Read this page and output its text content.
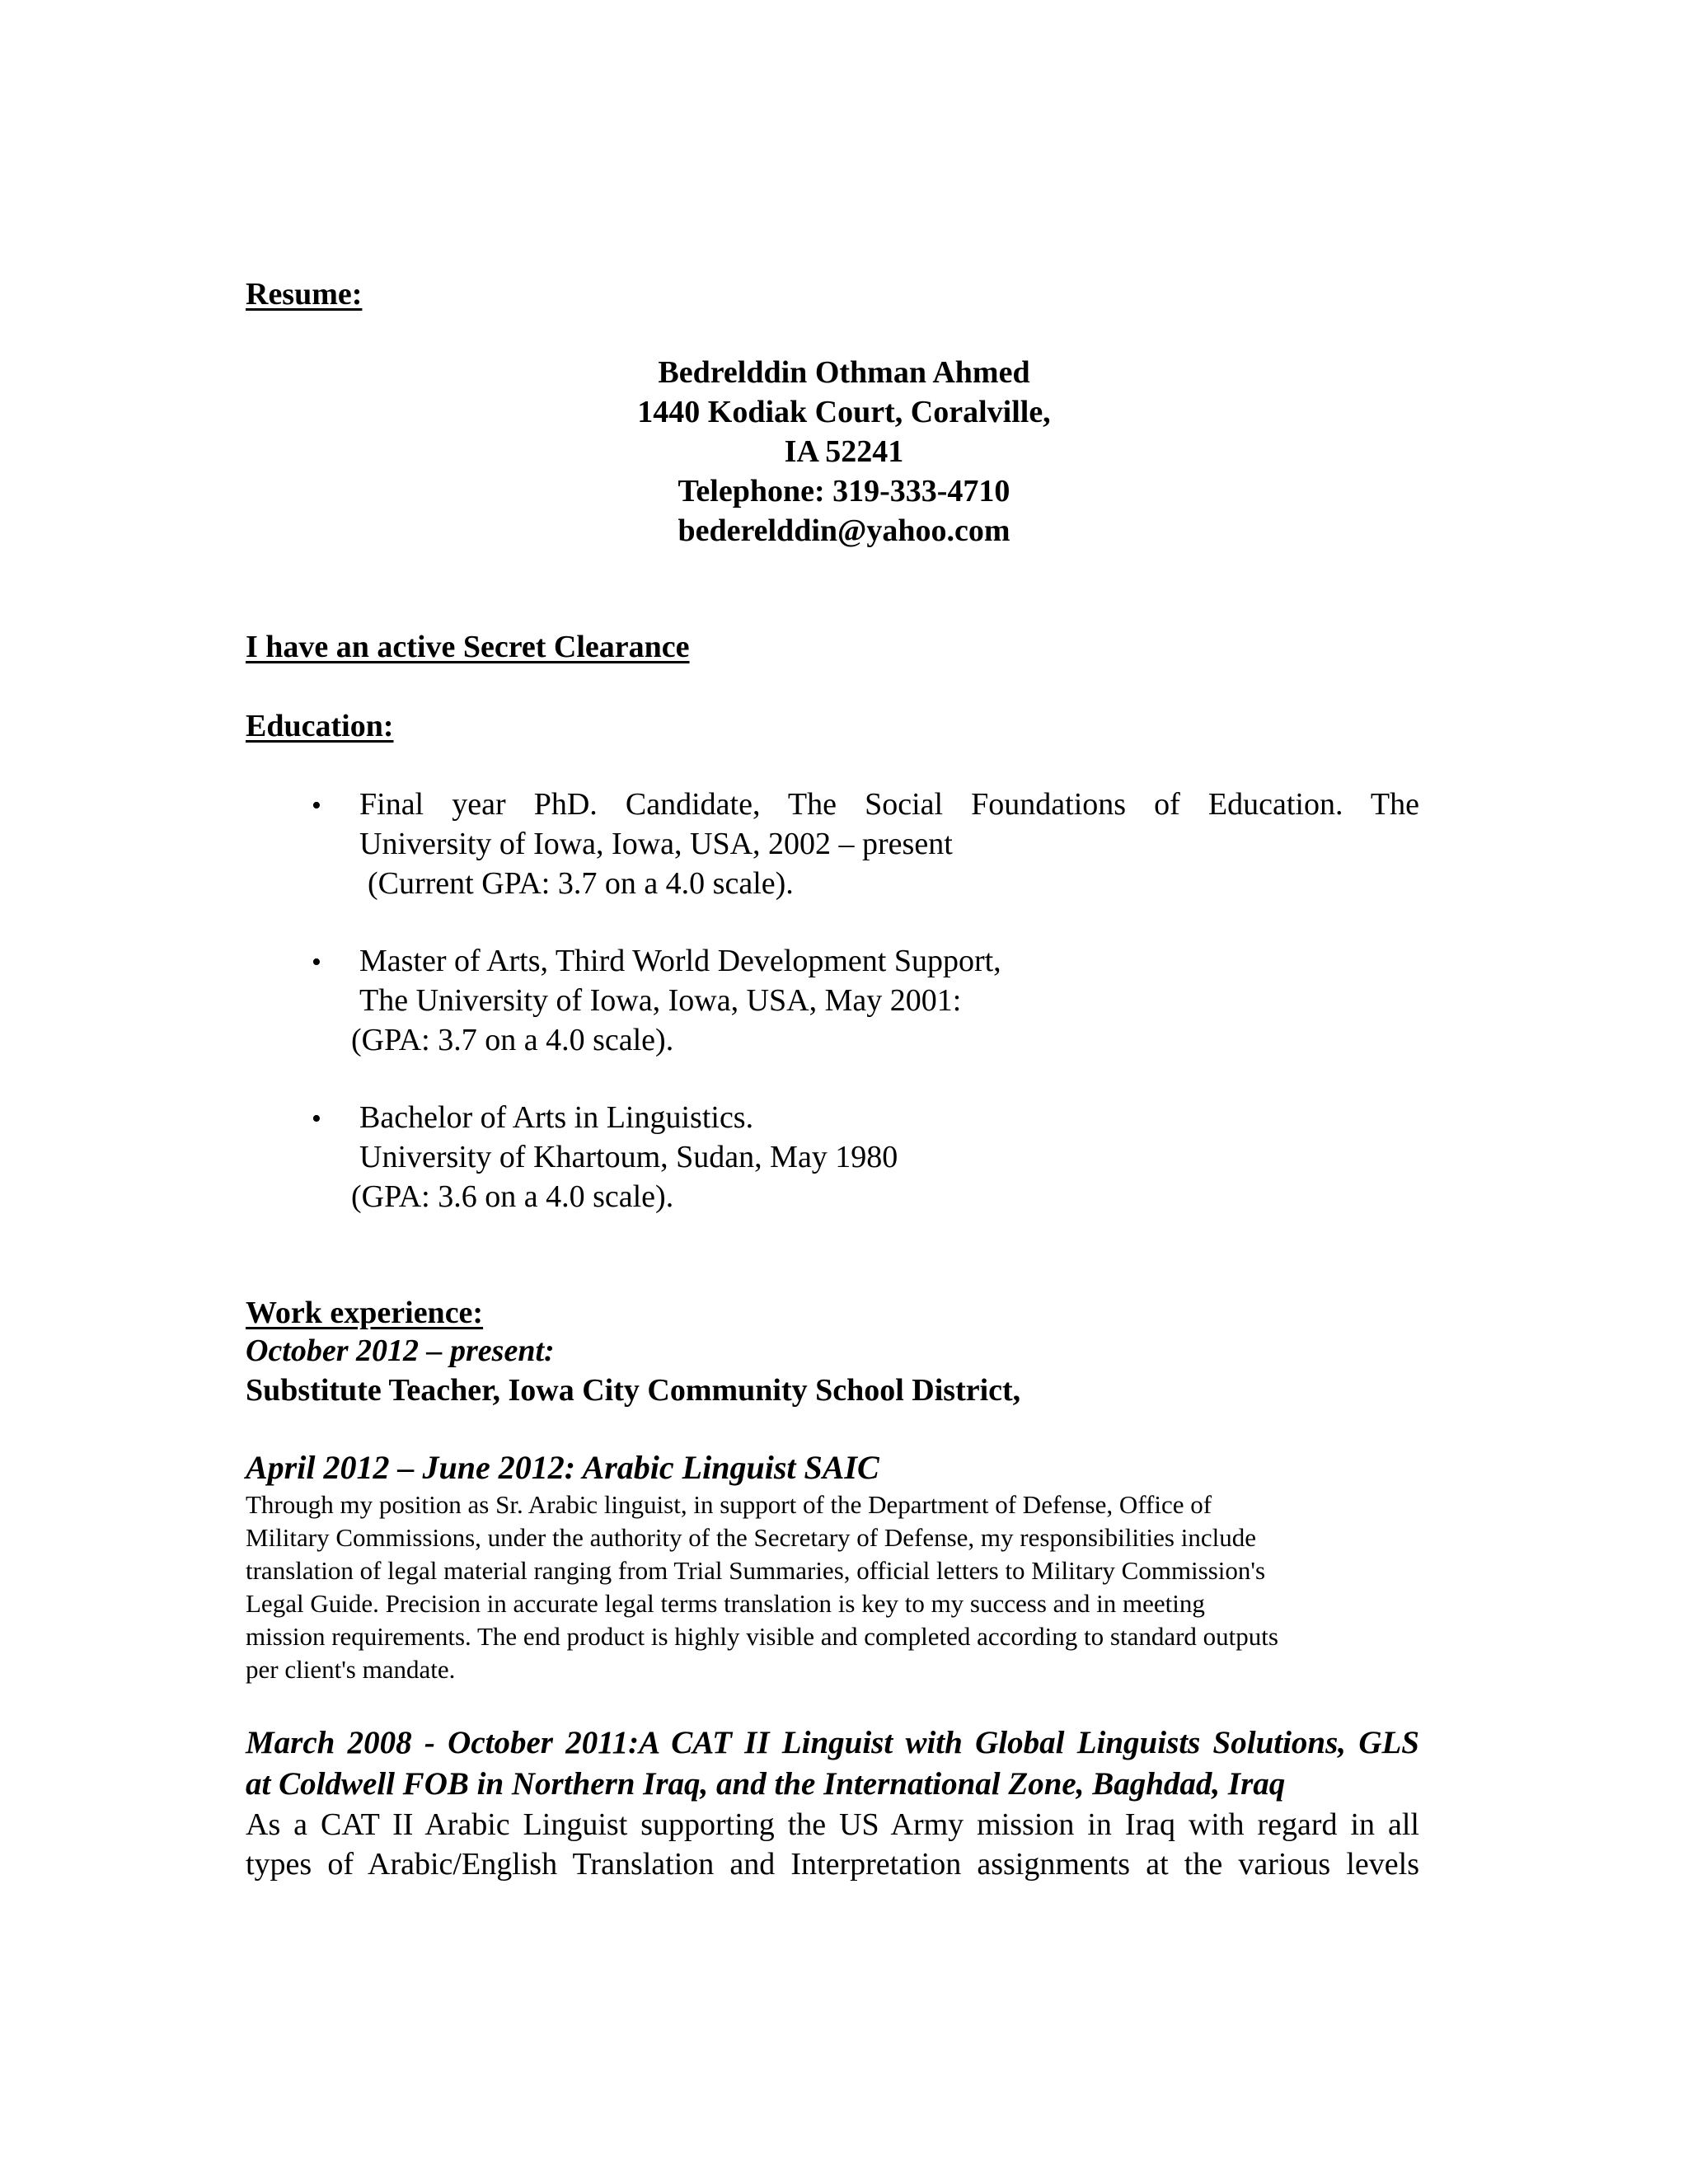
Resume:
Bedrelddin Othman Ahmed
1440 Kodiak Court, Coralville,
IA 52241
Telephone: 319-333-4710
bederelddin@yahoo.com
I have an active Secret Clearance
Education:
• Final year PhD. Candidate, The Social Foundations of Education. The
University of Iowa, Iowa, USA, 2002 – present
(Current GPA: 3.7 on a 4.0 scale).
• Master of Arts, Third World Development Support,
The University of Iowa, Iowa, USA, May 2001:
(GPA: 3.7 on a 4.0 scale).
• Bachelor of Arts in Linguistics.
University of Khartoum, Sudan, May 1980
(GPA: 3.6 on a 4.0 scale).
Work experience:
October 2012 – present:
Substitute Teacher, Iowa City Community School District,
April 2012 – June 2012: Arabic Linguist SAIC
Through my position as Sr. Arabic linguist, in support of the Department of Defense, Office of
Military Commissions, under the authority of the Secretary of Defense, my responsibilities include
translation of legal material ranging from Trial Summaries, official letters to Military Commission's
Legal Guide. Precision in accurate legal terms translation is key to my success and in meeting
mission requirements. The end product is highly visible and completed according to standard outputs
per client's mandate.
March 2008 - October 2011:A CAT II Linguist with Global Linguists Solutions, GLS
at Coldwell FOB in Northern Iraq, and the International Zone, Baghdad, Iraq
As a CAT II Arabic Linguist supporting the US Army mission in Iraq with regard in all
types of Arabic/English Translation and Interpretation assignments at the various levels
